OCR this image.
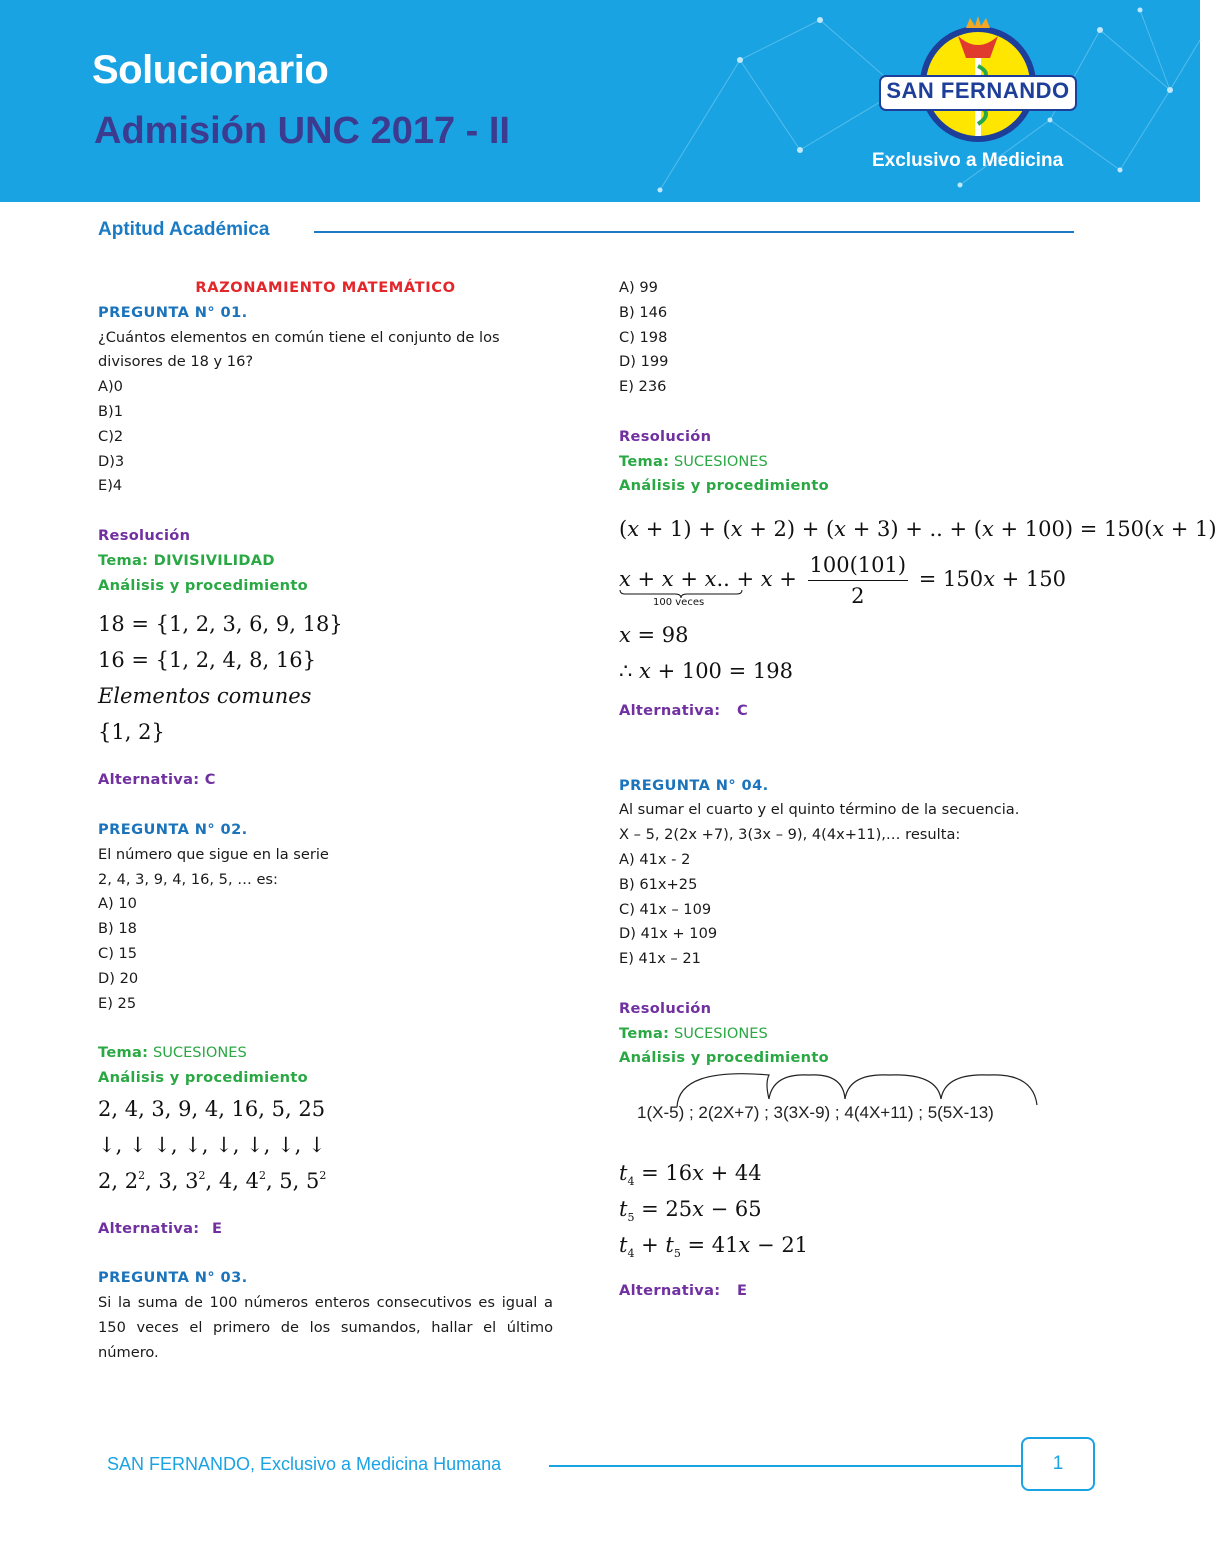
Solucionario
Admisión UNC 2017 - II
SAN FERNANDO
Exclusivo a Medicina
Aptitud Académica
RAZONAMIENTO MATEMÁTICO
PREGUNTA N° 01.
¿Cuántos elementos en común tiene el conjunto de los
divisores de 18 y 16?
A)0
B)1
C)2
D)3
E)4
Resolución
Tema: DIVISIVILIDAD
Análisis y procedimiento
18 = {1, 2, 3, 6, 9, 18}
16 = {1, 2, 4, 8, 16}
Elementos comunes
{1, 2}
Alternativa: C
PREGUNTA N° 02.
El número que sigue en la serie
2, 4, 3, 9, 4, 16, 5, … es:
A) 10
B) 18
C) 15
D) 20
E) 25
Tema: SUCESIONES
Análisis y procedimiento
2, 4, 3, 9, 4, 16, 5, 25
↓, ↓ ↓, ↓, ↓, ↓, ↓, ↓
2, $2^2$, 3, $3^2$, 4, $4^2$, 5, $5^2$
Alternativa: E
PREGUNTA N° 03.
Si la suma de 100 números enteros consecutivos es igual a 150 veces el primero de los sumandos, hallar el último número.
A) 99
B) 146
C) 198
D) 199
E) 236
Resolución
Tema: SUCESIONES
Análisis y procedimiento
(x + 1) + (x + 2) + (x + 3) + .. + (x + 100) = 150(x + 1)
x + x + x.. + x
100 veces
+ $\frac{100(101)}{2} = 150x + 150$
x = 98
∴ x + 100 = 198
Alternativa: C
PREGUNTA N° 04.
Al sumar el cuarto y el quinto término de la secuencia.
X – 5, 2(2x +7), 3(3x – 9), 4(4x+11),… resulta:
A) 41x - 2
B) 61x+25
C) 41x – 109
D) 41x + 109
E) 41x – 21
Resolución
Tema: SUCESIONES
Análisis y procedimiento
1(X-5) ; 2(2X+7) ; 3(3X-9) ; 4(4X+11) ; 5(5X-13)
$t_4 = 16x + 44$
$t_5 = 25x - 65$
$t_4 + t_5 = 41x - 21$
Alternativa: E
SAN FERNANDO, Exclusivo a Medicina Humana	1
